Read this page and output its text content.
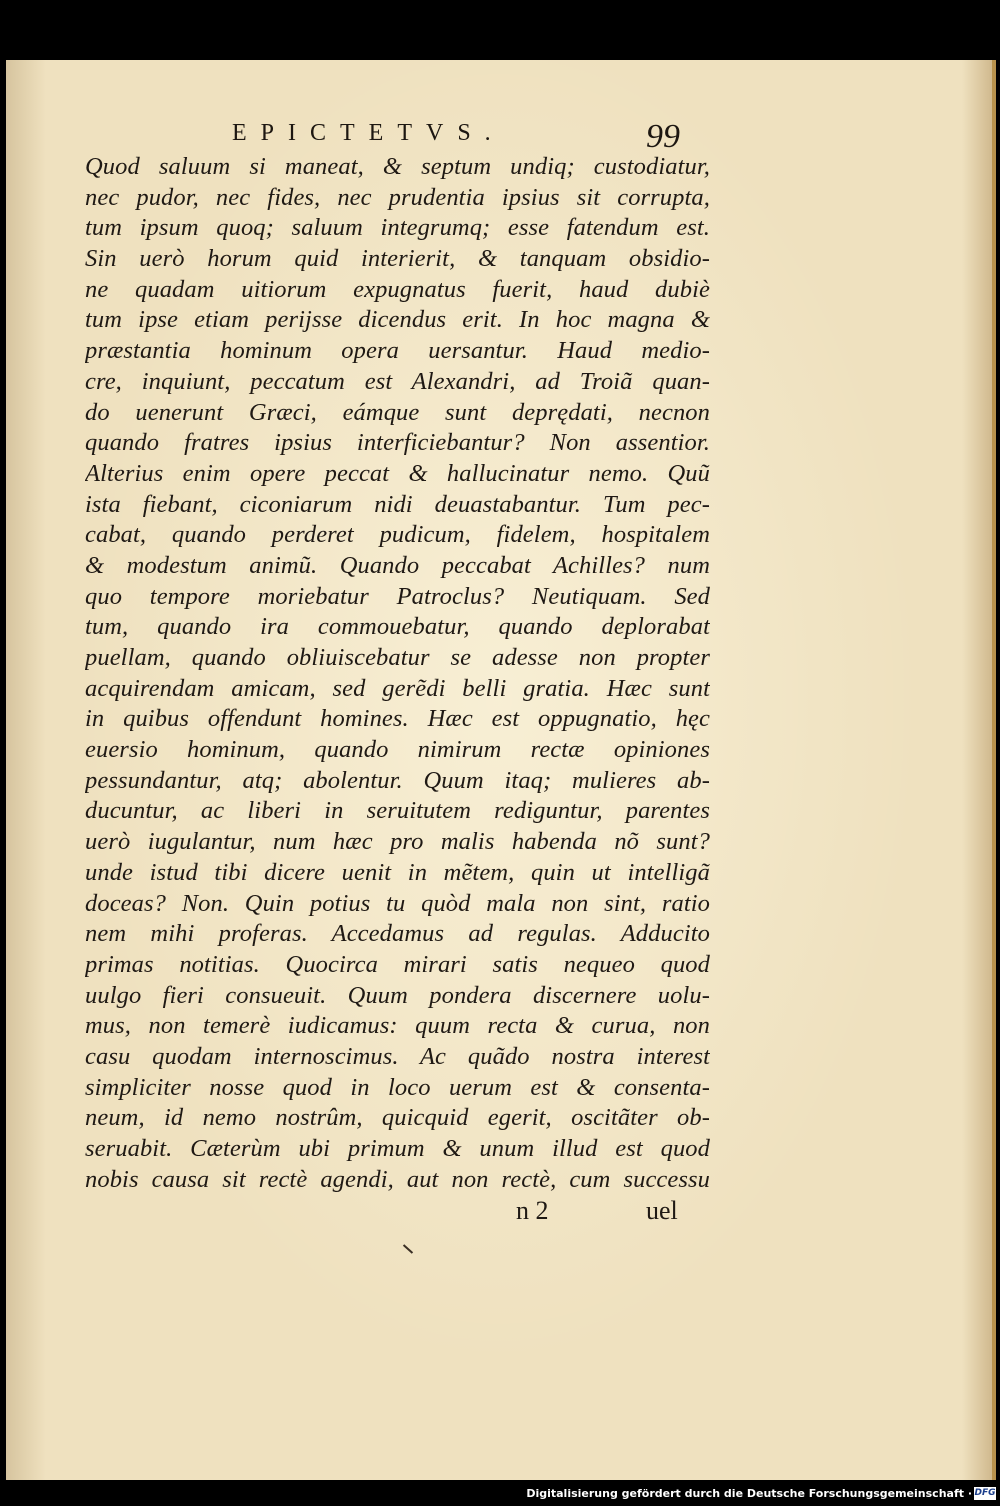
EPICTETVS.	99
Quod saluum si maneat, & septum undiq; custodiatur,
nec pudor, nec fides, nec prudentia ipsius sit corrupta,
tum ipsum quoq; saluum integrumq; esse fatendum est.
Sin uerò horum quid interierit, & tanquam obsidio-
ne quadam uitiorum expugnatus fuerit, haud dubiè
tum ipse etiam perijsse dicendus erit. In hoc magna &
præstantia hominum opera uersantur. Haud medio-
cre, inquiunt, peccatum est Alexandri, ad Troiã quan-
do uenerunt Græci, eámque sunt deprędati, necnon
quando fratres ipsius interficiebantur? Non assentior.
Alterius enim opere peccat & hallucinatur nemo. Quũ
ista fiebant, ciconiarum nidi deuastabantur. Tum pec-
cabat, quando perderet pudicum, fidelem, hospitalem
& modestum animũ. Quando peccabat Achilles? num
quo tempore moriebatur Patroclus? Neutiquam. Sed
tum, quando ira commouebatur, quando deplorabat
puellam, quando obliuiscebatur se adesse non propter
acquirendam amicam, sed gerẽdi belli gratia. Hæc sunt
in quibus offendunt homines. Hæc est oppugnatio, hęc
euersio hominum, quando nimirum rectæ opiniones
pessundantur, atq; abolentur. Quum itaq; mulieres ab-
ducuntur, ac liberi in seruitutem rediguntur, parentes
uerò iugulantur, num hæc pro malis habenda nõ sunt?
unde istud tibi dicere uenit in mẽtem, quin ut intelligã
doceas? Non. Quin potius tu quòd mala non sint, ratio
nem mihi proferas. Accedamus ad regulas. Adducito
primas notitias. Quocirca mirari satis nequeo quod
uulgo fieri consueuit. Quum pondera discernere uolu-
mus, non temerè iudicamus: quum recta & curua, non
casu quodam internoscimus. Ac quãdo nostra interest
simpliciter nosse quod in loco uerum est & consenta-
neum, id nemo nostrûm, quicquid egerit, oscitãter ob-
seruabit. Cæterùm ubi primum & unum illud est quod
nobis causa sit rectè agendi, aut non rectè, cum successu
n 2	uel
Digitalisierung gefördert durch die Deutsche Forschungsgemeinschaft · DFG
